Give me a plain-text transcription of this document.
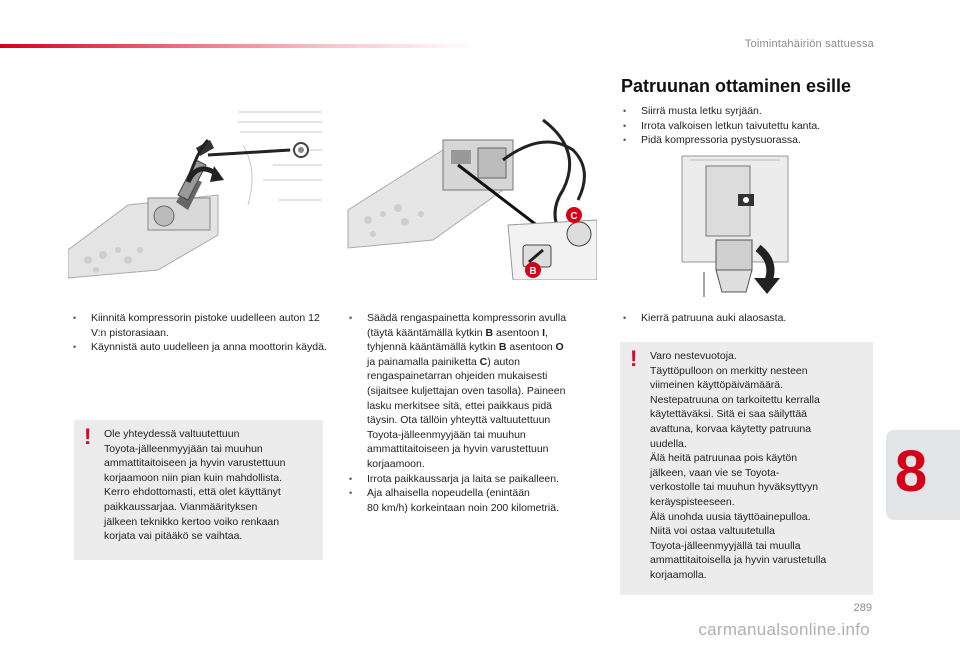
Toimintahäiriön sattuessa
C
B
• Kiinnitä kompressorin pistoke uudelleen auton 12 V:n pistorasiaan.
• Käynnistä auto uudelleen ja anna moottorin käydä.
! Ole yhteydessä valtuutettuun

Toyota-jälleenmyyjään tai muuhun

ammattitaitoiseen ja hyvin varustettuun

korjaamoon niin pian kuin mahdollista.

Kerro ehdottomasti, että olet käyttänyt

paikkaussarjaa. Vianmäärityksen

jälkeen teknikko kertoo voiko renkaan

korjata vai pitääkö se vaihtaa.

• Säädä rengaspainetta kompressorin avulla
(täytä kääntämällä kytkin B asentoon I,
tyhjennä kääntämällä kytkin B asentoon O
ja painamalla painiketta C) auton
rengaspainetarran ohjeiden mukaisesti
(sijaitsee kuljettajan oven tasolla). Paineen
lasku merkitsee sitä, ettei paikkaus pidä
täysin. Ota tällöin yhteyttä valtuutettuun
Toyota-jälleenmyyjään tai muuhun
ammattitaitoiseen ja hyvin varustettuun
korjaamoon.
• Irrota paikkaussarja ja laita se paikalleen.
• Aja alhaisella nopeudella (enintään
80 km/h) korkeintaan noin 200 kilometriä.
Patruunan ottaminen esille
• Siirrä musta letku syrjään.
• Irrota valkoisen letkun taivutettu kanta.
• Pidä kompressoria pystysuorassa.
• Kierrä patruuna auki alaosasta.
! Varo nestevuotoja.

Täyttöpulloon on merkitty nesteen

viimeinen käyttöpäivämäärä.

Nestepatruuna on tarkoitettu kerralla

käytettäväksi. Sitä ei saa säilyttää

avattuna, korvaa käytetty patruuna

uudella.

Älä heitä patruunaa pois käytön

jälkeen, vaan vie se Toyota-

verkostolle tai muuhun hyväksyttyyn

keräyspisteeseen.

Älä unohda uusia täyttöainepulloa.

Niitä voi ostaa valtuutetulla

Toyota-jälleenmyyjällä tai muulla

ammattitaitoisella ja hyvin varustetulla

korjaamolla.

8
289
carmanualsonline.info
